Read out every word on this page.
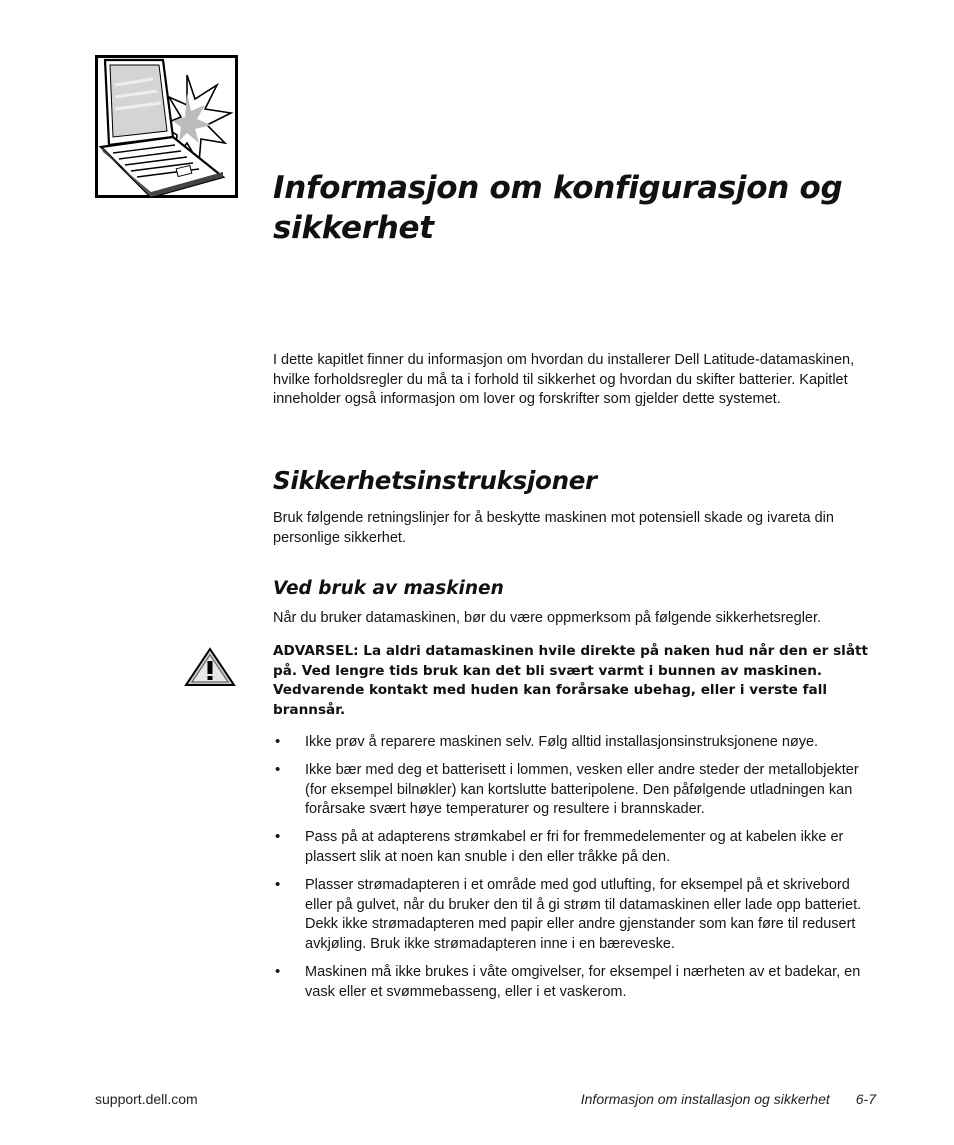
Informasjon om konfigurasjon og
sikkerhet

I dette kapitlet finner du informasjon om hvordan du installerer Dell Latitude-datamaskinen, hvilke forholdsregler du må ta i forhold til sikkerhet og hvordan du skifter batterier. Kapitlet inneholder også informasjon om lover og forskrifter som gjelder dette systemet.

Sikkerhetsinstruksjoner

Bruk følgende retningslinjer for å beskytte maskinen mot potensiell skade og ivareta din personlige sikkerhet.

Ved bruk av maskinen

Når du bruker datamaskinen, bør du være oppmerksom på følgende sikkerhetsregler.

ADVARSEL: La aldri datamaskinen hvile direkte på naken hud når den er slått på. Ved lengre tids bruk kan det bli svært varmt i bunnen av maskinen. Vedvarende kontakt med huden kan forårsake ubehag, eller i verste fall brannsår.

• Ikke prøv å reparere maskinen selv. Følg alltid installasjonsinstruksjonene nøye.
• Ikke bær med deg et batterisett i lommen, vesken eller andre steder der metallobjekter (for eksempel bilnøkler) kan kortslutte batteripolene. Den påfølgende utladningen kan forårsake svært høye temperaturer og resultere i brannskader.
• Pass på at adapterens strømkabel er fri for fremmedelementer og at kabelen ikke er plassert slik at noen kan snuble i den eller tråkke på den.
• Plasser strømadapteren i et område med god utlufting, for eksempel på et skrivebord eller på gulvet, når du bruker den til å gi strøm til datamaskinen eller lade opp batteriet. Dekk ikke strømadapteren med papir eller andre gjenstander som kan føre til redusert avkjøling. Bruk ikke strømadapteren inne i en bæreveske.
• Maskinen må ikke brukes i våte omgivelser, for eksempel i nærheten av et badekar, en vask eller et svømmebasseng, eller i et vaskerom.
support.dell.com	Informasjon om installasjon og sikkerhet 6-7
